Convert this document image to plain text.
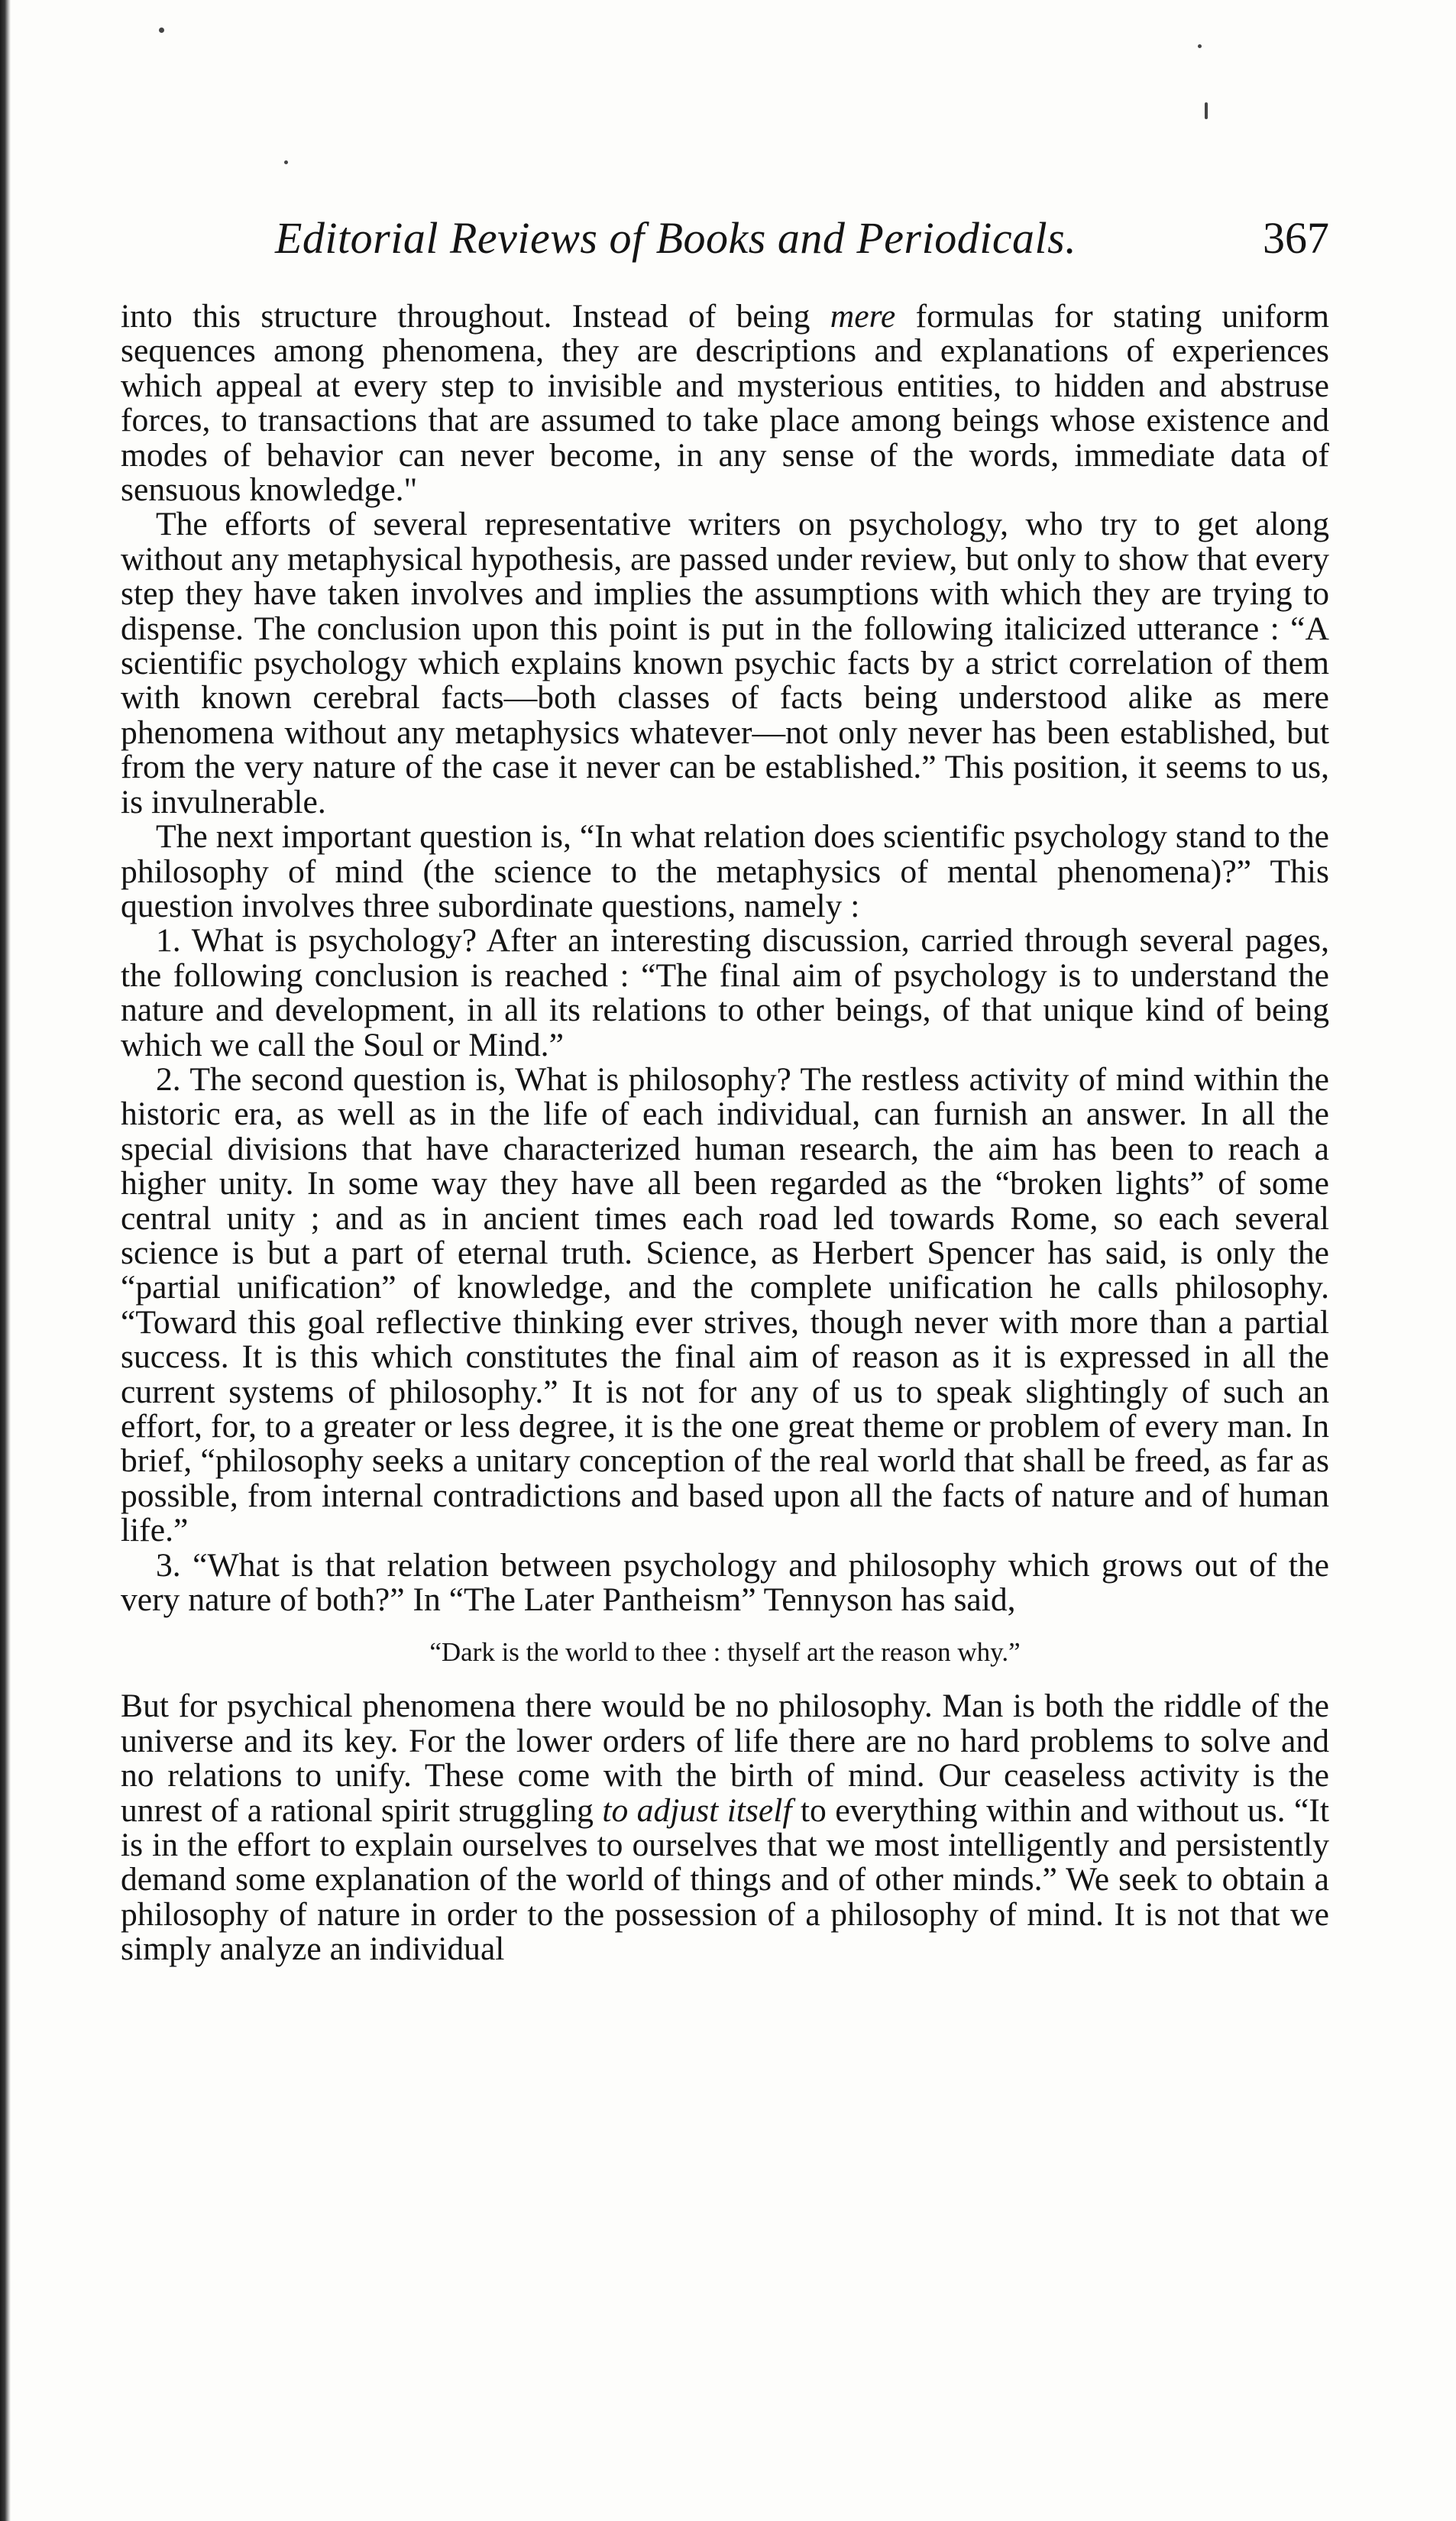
Editorial Reviews of Books and Periodicals.	367

into this structure throughout. Instead of being mere formulas for stating uniform sequences among phenomena, they are descriptions and explanations of experiences which appeal at every step to invisible and mysterious entities, to hidden and abstruse forces, to transactions that are assumed to take place among beings whose existence and modes of behavior can never become, in any sense of the words, immediate data of sensuous knowledge."

The efforts of several representative writers on psychology, who try to get along without any metaphysical hypothesis, are passed under review, but only to show that every step they have taken involves and implies the assumptions with which they are trying to dispense. The conclusion upon this point is put in the following italicized utterance : “A scientific psychology which explains known psychic facts by a strict correlation of them with known cerebral facts—both classes of facts being understood alike as mere phenomena without any metaphysics whatever—not only never has been established, but from the very nature of the case it never can be established.” This position, it seems to us, is invulnerable.

The next important question is, “In what relation does scientific psychology stand to the philosophy of mind (the science to the metaphysics of mental phenomena)?” This question involves three subordinate questions, namely :

1. What is psychology? After an interesting discussion, carried through several pages, the following conclusion is reached : “The final aim of psychology is to understand the nature and development, in all its relations to other beings, of that unique kind of being which we call the Soul or Mind.”

2. The second question is, What is philosophy? The restless activity of mind within the historic era, as well as in the life of each individual, can furnish an answer. In all the special divisions that have characterized human research, the aim has been to reach a higher unity. In some way they have all been regarded as the “broken lights” of some central unity ; and as in ancient times each road led towards Rome, so each several science is but a part of eternal truth. Science, as Herbert Spencer has said, is only the “partial unification” of knowledge, and the complete unification he calls philosophy. “Toward this goal reflective thinking ever strives, though never with more than a partial success. It is this which constitutes the final aim of reason as it is expressed in all the current systems of philosophy.” It is not for any of us to speak slightingly of such an effort, for, to a greater or less degree, it is the one great theme or problem of every man. In brief, “philosophy seeks a unitary conception of the real world that shall be freed, as far as possible, from internal contradictions and based upon all the facts of nature and of human life.”

3. “What is that relation between psychology and philosophy which grows out of the very nature of both?” In “The Later Pantheism” Tennyson has said,

“Dark is the world to thee : thyself art the reason why.”

But for psychical phenomena there would be no philosophy. Man is both the riddle of the universe and its key. For the lower orders of life there are no hard problems to solve and no relations to unify. These come with the birth of mind. Our ceaseless activity is the unrest of a rational spirit struggling to adjust itself to everything within and without us. “It is in the effort to explain ourselves to ourselves that we most intelligently and persistently demand some explanation of the world of things and of other minds.” We seek to obtain a philosophy of nature in order to the possession of a philosophy of mind. It is not that we simply analyze an individual
